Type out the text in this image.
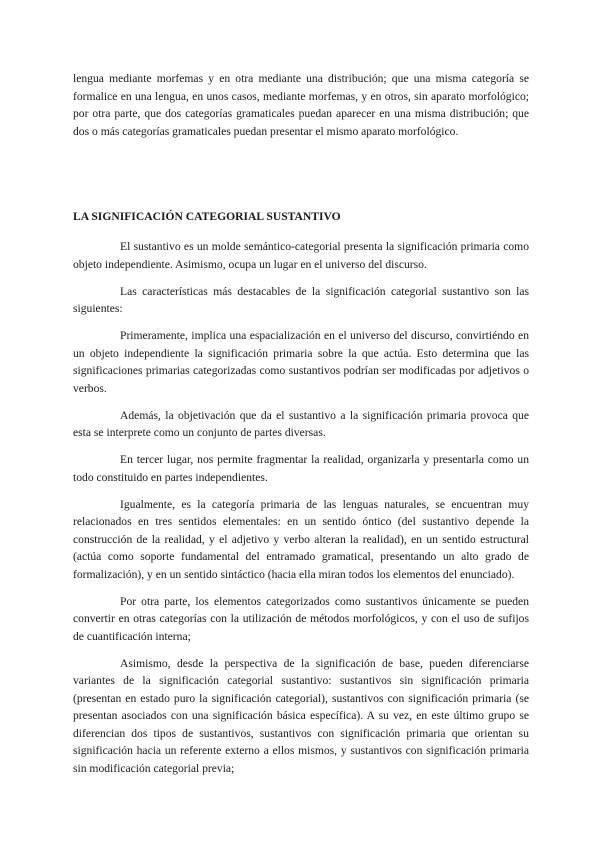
lengua mediante morfemas y en otra mediante una distribución; que una misma categoría se formalice en una lengua, en unos casos, mediante morfemas, y en otros, sin aparato morfológico; por otra parte, que dos categorías gramaticales puedan aparecer en una misma distribución; que dos o más categorías gramaticales puedan presentar el mismo aparato morfológico.
LA SIGNIFICACIÓN CATEGORIAL SUSTANTIVO

El sustantivo es un molde semántico-categorial presenta la significación primaria como objeto independiente. Asimismo, ocupa un lugar en el universo del discurso.

Las características más destacables de la significación categorial sustantivo son las siguientes:

Primeramente, implica una espacialización en el universo del discurso, convirtiéndo en un objeto independiente la significación primaria sobre la que actúa. Esto determina que las significaciones primarias categorizadas como sustantivos podrían ser modificadas por adjetivos o verbos.

Además, la objetivación que da el sustantivo a la significación primaria provoca que esta se interprete como un conjunto de partes diversas.

En tercer lugar, nos permite fragmentar la realidad, organizarla y presentarla como un todo constituido en partes independientes.

Igualmente, es la categoría primaria de las lenguas naturales, se encuentran muy relacionados en tres sentidos elementales: en un sentido óntico (del sustantivo depende la construcción de la realidad, y el adjetivo y verbo alteran la realidad), en un sentido estructural (actúa como soporte fundamental del entramado gramatical, presentando un alto grado de formalización), y en un sentido sintáctico (hacia ella miran todos los elementos del enunciado).

Por otra parte, los elementos categorizados como sustantivos únicamente se pueden convertir en otras categorías con la utilización de métodos morfológicos, y con el uso de sufijos de cuantificación interna;

Asimismo, desde la perspectiva de la significación de base, pueden diferenciarse variantes de la significación categorial sustantivo: sustantivos sin significación primaria (presentan en estado puro la significación categorial), sustantivos con significación primaria (se presentan asociados con una significación básica específica). A su vez, en este último grupo se diferencian dos tipos de sustantivos, sustantivos con significación primaria que orientan su significación hacia un referente externo a ellos mismos, y sustantivos con significación primaria sin modificación categorial previa;
